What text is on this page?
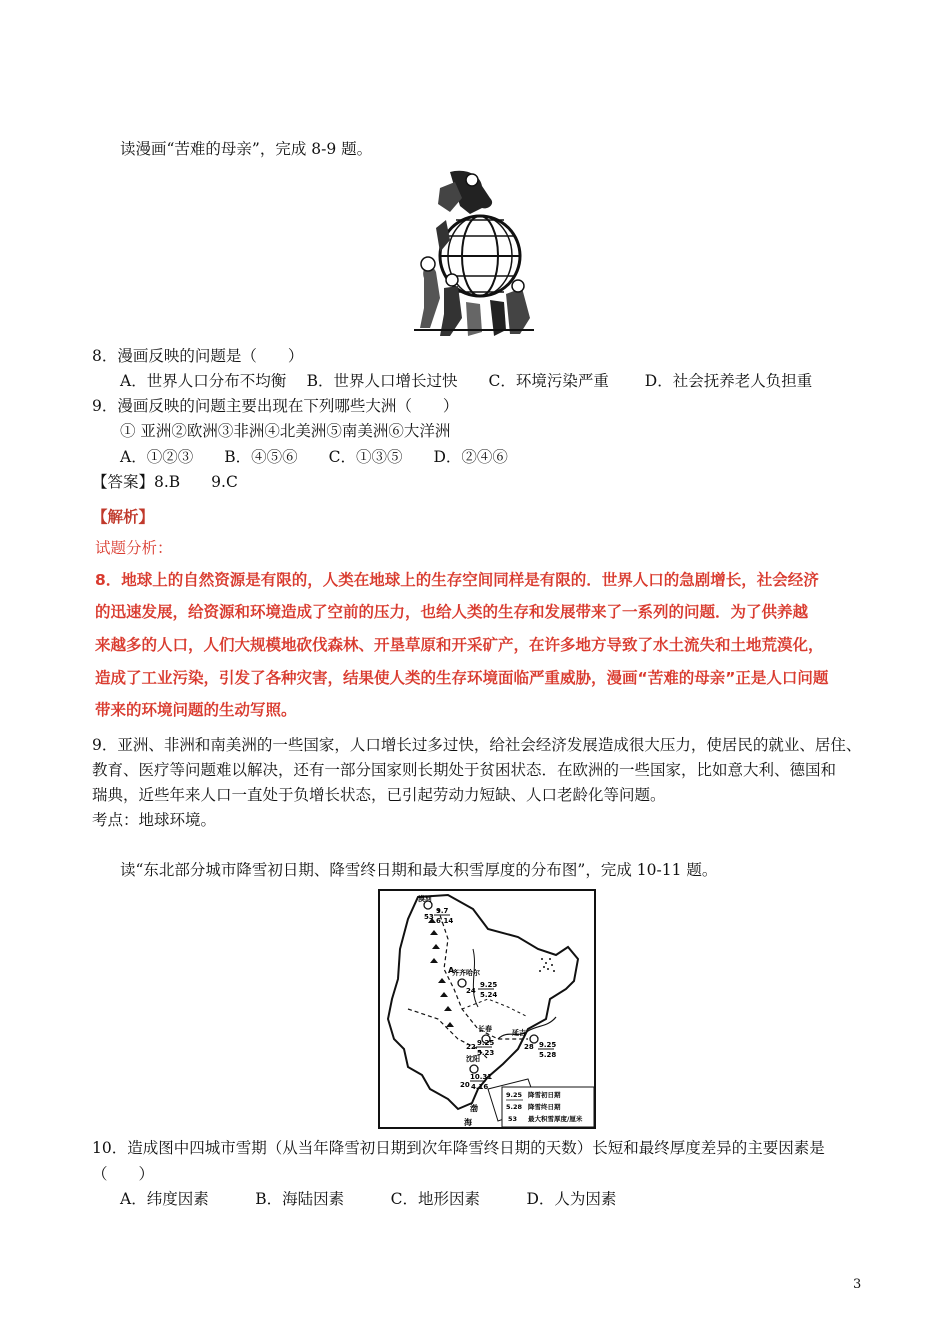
读漫画“苦难的母亲”，完成 8-9 题。
8．漫画反映的问题是（　　）
A．世界人口分布不均衡　 B．世界人口增长过快　　C．环境污染严重　　 D．社会抚养老人负担重
9．漫画反映的问题主要出现在下列哪些大洲（　　）
① 亚洲②欧洲③非洲④北美洲⑤南美洲⑥大洋洲
A．①②③　　B．④⑤⑥　　C．①③⑤　　D．②④⑥
【答案】8.B　　9.C
【解析】
试题分析：
8．地球上的自然资源是有限的，人类在地球上的生存空间同样是有限的．世界人口的急剧增长，社会经济
的迅速发展，给资源和环境造成了空前的压力，也给人类的生存和发展带来了一系列的问题．为了供养越
来越多的人口，人们大规模地砍伐森林、开垦草原和开采矿产，在许多地方导致了水土流失和土地荒漠化，
造成了工业污染，引发了各种灾害，结果使人类的生存环境面临严重威胁，漫画“苦难的母亲”正是人口问题
带来的环境问题的生动写照。
9．亚洲、非洲和南美洲的一些国家，人口增长过多过快，给社会经济发展造成很大压力，使居民的就业、居住、
教育、医疗等问题难以解决，还有一部分国家则长期处于贫困状态．在欧洲的一些国家，比如意大利、德国和
瑞典，近些年来人口一直处于负增长状态，已引起劳动力短缺、人口老龄化等问题。
考点：地球环境。
读“东北部分城市降雪初日期、降雪终日期和最大积雪厚度的分布图”，完成 10-11 题。
漠河
9.7
6.14
53
齐齐哈尔
9.25
5.24
24
长春
9.25
5.23
22
延吉
9.25
5.28
28
沈阳
10.31
4.16
20
A
渤
海
9.25 降雪初日期
5.28 降雪终日期
53 最大积雪厚度/厘米
10．造成图中四城市雪期（从当年降雪初日期到次年降雪终日期的天数）长短和最终厚度差异的主要因素是
（　　）
A．纬度因素　　　B．海陆因素　　　C．地形因素　　　D．人为因素
3
